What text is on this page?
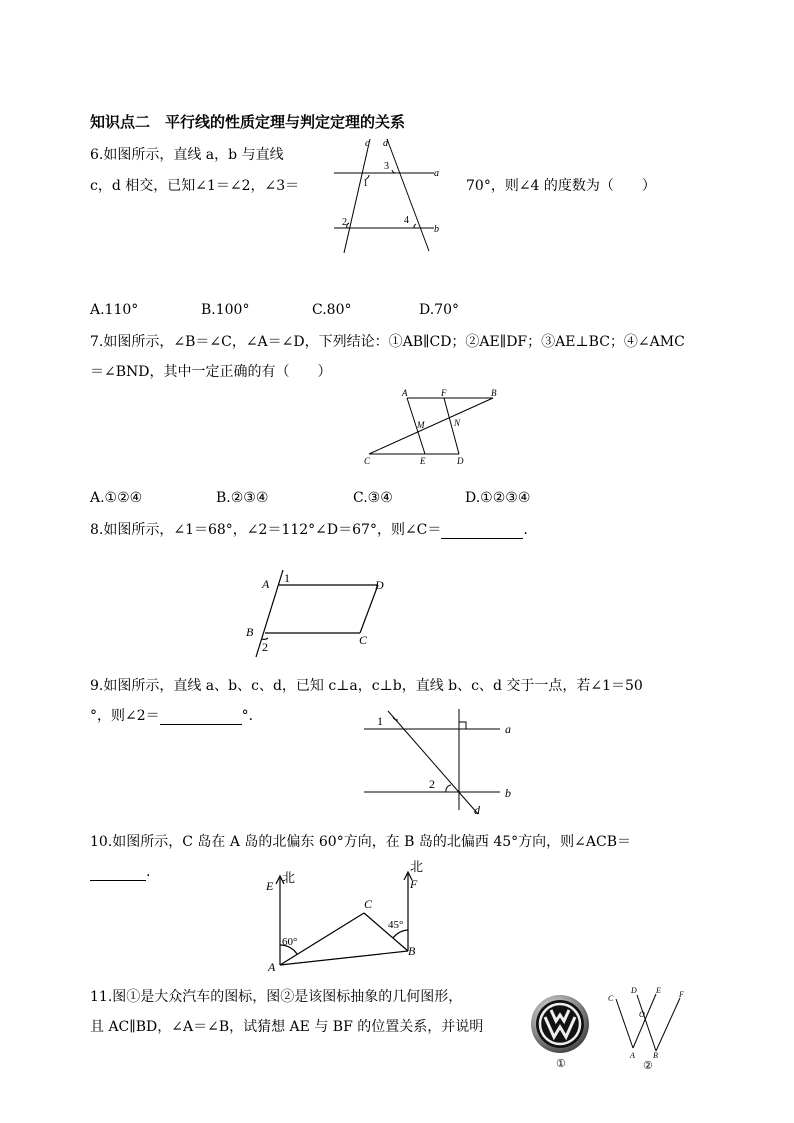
知识点二　平行线的性质定理与判定定理的关系
6.如图所示，直线 a，b 与直线
c，d 相交，已知∠1＝∠2，∠3＝	70°，则∠4 的度数为（　　）
c d
a
b
1
2
3
4
A.110°	B.100°	C.80°	D.70°
7.如图所示，∠B＝∠C，∠A＝∠D，下列结论：①AB∥CD；②AE∥DF；③AE⊥BC；④∠AMC
＝∠BND，其中一定正确的有（　　）
A	F	B
M	N
C	E	D
A.①②④	B.②③④	C.③④	D.①②③④
8.如图所示，∠1＝68°，∠2＝112°∠D＝67°，则∠C＝	.
A 1	D
B
2	C
9.如图所示，直线 a、b、c、d，已知 c⊥a，c⊥b，直线 b、c、d 交于一点，若∠1＝50
°，则∠2＝	°．	1
a
2
b
d
10.如图所示，C 岛在 A 岛的北偏东 60°方向，在 B 岛的北偏西 45°方向，则∠ACB＝
.
E
北	F
北
C
45°
60°
B
A
11.图①是大众汽车的图标，图②是该图标抽象的几何图形，
且 AC∥BD，∠A＝∠B，试猜想 AE 与 BF 的位置关系，并说明
①
C
D E F
O
A B
②
